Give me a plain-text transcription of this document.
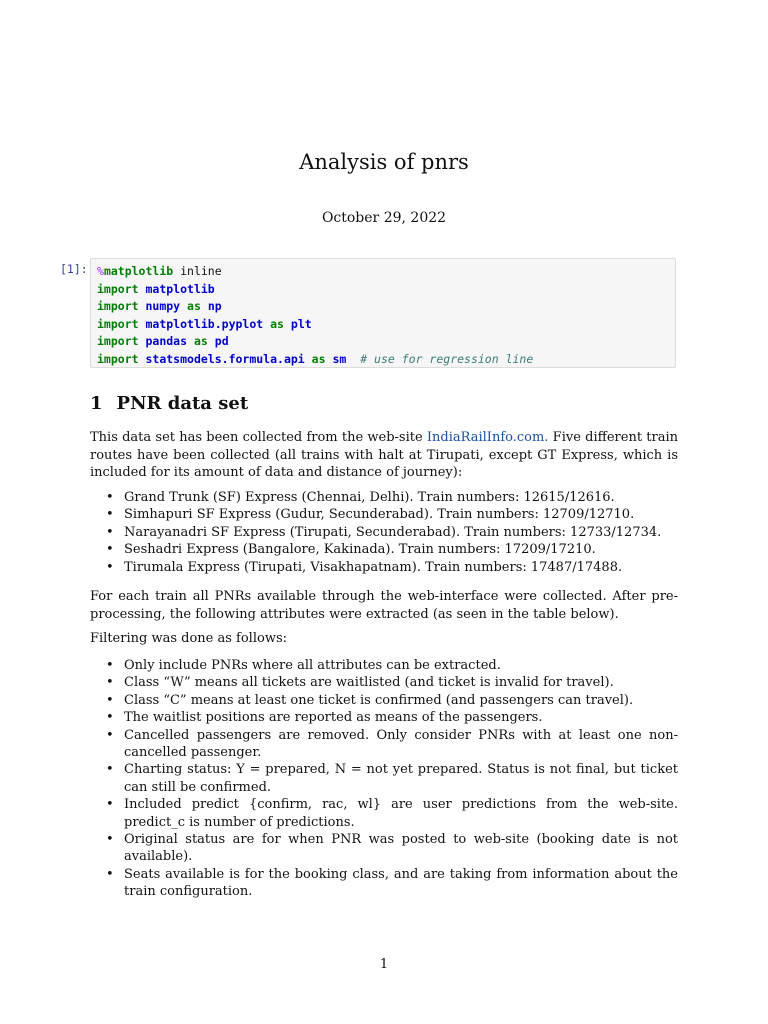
Analysis of pnrs
October 29, 2022
[1]: %matplotlib inline
import matplotlib
import numpy as np
import matplotlib.pyplot as plt
import pandas as pd
import statsmodels.formula.api as sm # use for regression line
1 PNR data set
This data set has been collected from the web-site IndiaRailInfo.com. Five different train routes have been collected (all trains with halt at Tirupati, except GT Express, which is included for its amount of data and distance of journey):
• Grand Trunk (SF) Express (Chennai, Delhi). Train numbers: 12615/12616.
• Simhapuri SF Express (Gudur, Secunderabad). Train numbers: 12709/12710.
• Narayanadri SF Express (Tirupati, Secunderabad). Train numbers: 12733/12734.
• Seshadri Express (Bangalore, Kakinada). Train numbers: 17209/17210.
• Tirumala Express (Tirupati, Visakhapatnam). Train numbers: 17487/17488.
For each train all PNRs available through the web-interface were collected. After pre-processing, the following attributes were extracted (as seen in the table below).
Filtering was done as follows:
• Only include PNRs where all attributes can be extracted.
• Class “W” means all tickets are waitlisted (and ticket is invalid for travel).
• Class “C” means at least one ticket is confirmed (and passengers can travel).
• The waitlist positions are reported as means of the passengers.
• Cancelled passengers are removed. Only consider PNRs with at least one non-cancelled passenger.
• Charting status: Y = prepared, N = not yet prepared. Status is not final, but ticket can still be confirmed.
• Included predict {confirm, rac, wl} are user predictions from the web-site. predict_c is number of predictions.
• Original status are for when PNR was posted to web-site (booking date is not available).
• Seats available is for the booking class, and are taking from information about the train configuration.
1
